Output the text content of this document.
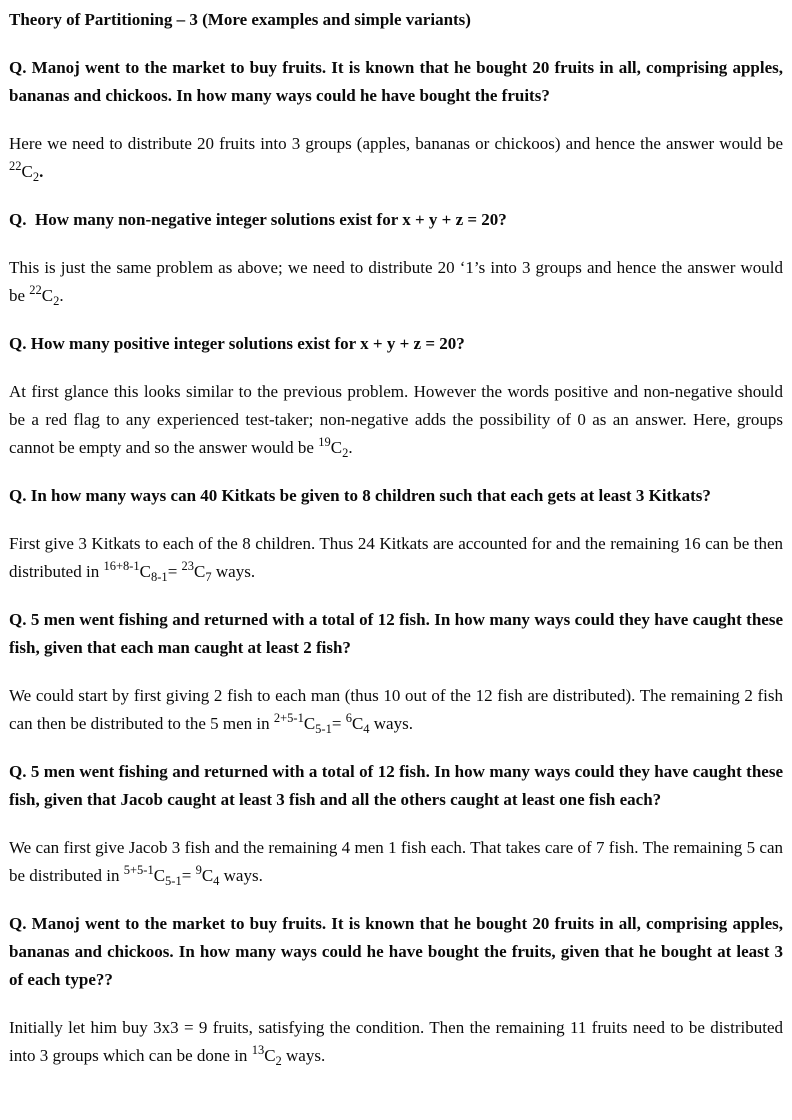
Theory of Partitioning – 3 (More examples and simple variants)

Q. Manoj went to the market to buy fruits. It is known that he bought 20 fruits in all, comprising apples, bananas and chickoos. In how many ways could he have bought the fruits?

Here we need to distribute 20 fruits into 3 groups (apples, bananas or chickoos) and hence the answer would be $^{22}C_2$.

Q.  How many non-negative integer solutions exist for x + y + z = 20?

This is just the same problem as above; we need to distribute 20 ‘1’s into 3 groups and hence the answer would be $^{22}C_2$.

Q. How many positive integer solutions exist for x + y + z = 20?

At first glance this looks similar to the previous problem. However the words positive and non-negative should be a red flag to any experienced test-taker; non-negative adds the possibility of 0 as an answer. Here, groups cannot be empty and so the answer would be $^{19}C_2$.

Q. In how many ways can 40 Kitkats be given to 8 children such that each gets at least 3 Kitkats?

First give 3 Kitkats to each of the 8 children. Thus 24 Kitkats are accounted for and the remaining 16 can be then distributed in $^{16+8-1}C_{8-1}= ^{23}C_7$ ways.

Q. 5 men went fishing and returned with a total of 12 fish. In how many ways could they have caught these fish, given that each man caught at least 2 fish?

We could start by first giving 2 fish to each man (thus 10 out of the 12 fish are distributed). The remaining 2 fish can then be distributed to the 5 men in $^{2+5-1}C_{5-1}= ^6C_4$ ways.

Q. 5 men went fishing and returned with a total of 12 fish. In how many ways could they have caught these fish, given that Jacob caught at least 3 fish and all the others caught at least one fish each?

We can first give Jacob 3 fish and the remaining 4 men 1 fish each. That takes care of 7 fish. The remaining 5 can be distributed in $^{5+5-1}C_{5-1}= ^9C_4$ ways.

Q. Manoj went to the market to buy fruits. It is known that he bought 20 fruits in all, comprising apples, bananas and chickoos. In how many ways could he have bought the fruits, given that he bought at least 3 of each type??

Initially let him buy 3x3 = 9 fruits, satisfying the condition. Then the remaining 11 fruits need to be distributed into 3 groups which can be done in $^{13}C_2$ ways.
